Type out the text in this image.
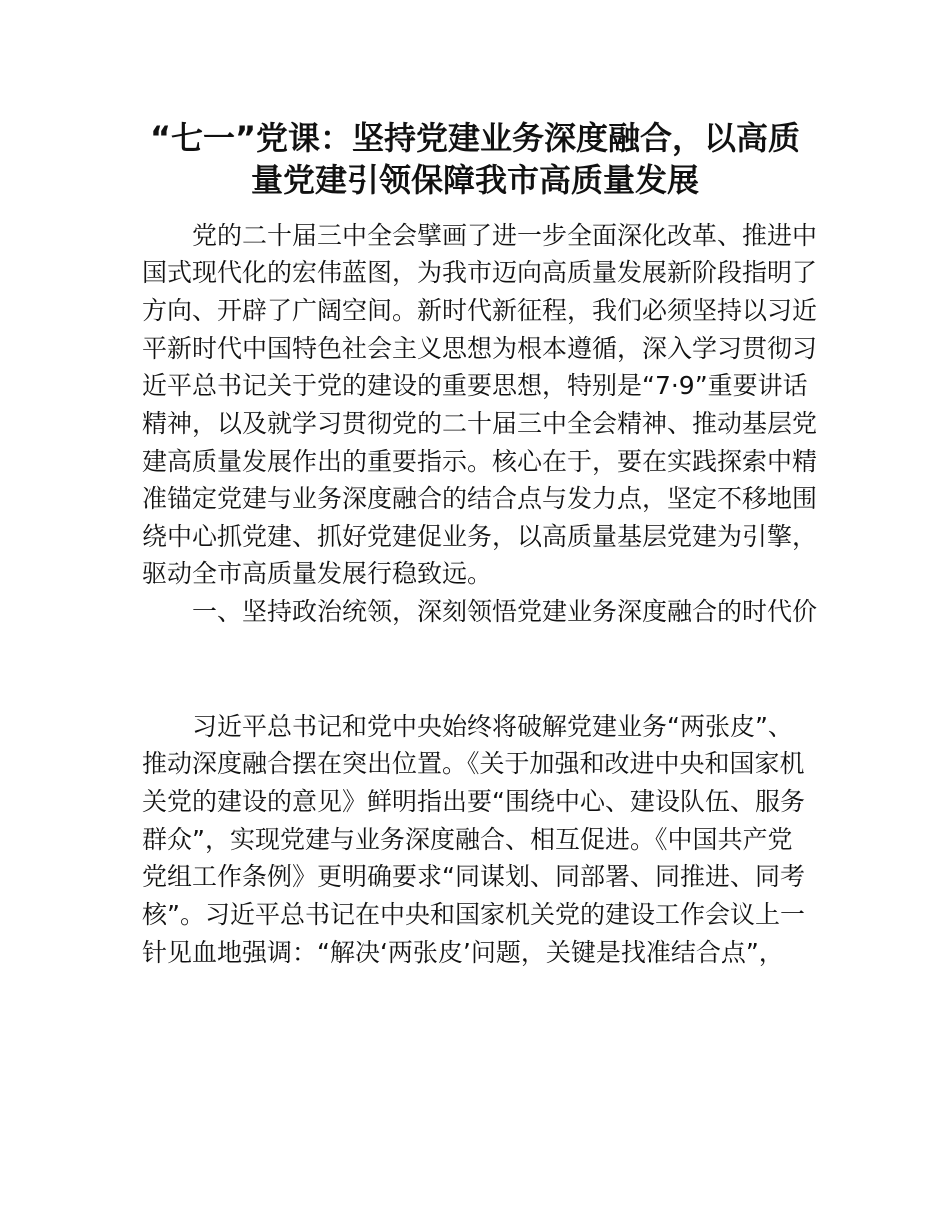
“七一”党课：坚持党建业务深度融合，以高质
量党建引领保障我市高质量发展
党的二十届三中全会擘画了进一步全面深化改革、推进中
国式现代化的宏伟蓝图，为我市迈向高质量发展新阶段指明了
方向、开辟了广阔空间。新时代新征程，我们必须坚持以习近
平新时代中国特色社会主义思想为根本遵循，深入学习贯彻习
近平总书记关于党的建设的重要思想，特别是“7·9”重要讲话
精神，以及就学习贯彻党的二十届三中全会精神、推动基层党
建高质量发展作出的重要指示。核心在于，要在实践探索中精
准锚定党建与业务深度融合的结合点与发力点，坚定不移地围
绕中心抓党建、抓好党建促业务，以高质量基层党建为引擎，
驱动全市高质量发展行稳致远。
一、坚持政治统领，深刻领悟党建业务深度融合的时代价
习近平总书记和党中央始终将破解党建业务“两张皮”、
推动深度融合摆在突出位置。《关于加强和改进中央和国家机
关党的建设的意见》鲜明指出要“围绕中心、建设队伍、服务
群众”，实现党建与业务深度融合、相互促进。《中国共产党
党组工作条例》更明确要求“同谋划、同部署、同推进、同考
核”。习近平总书记在中央和国家机关党的建设工作会议上一
针见血地强调：“解决‘两张皮’问题，关键是找准结合点”，
